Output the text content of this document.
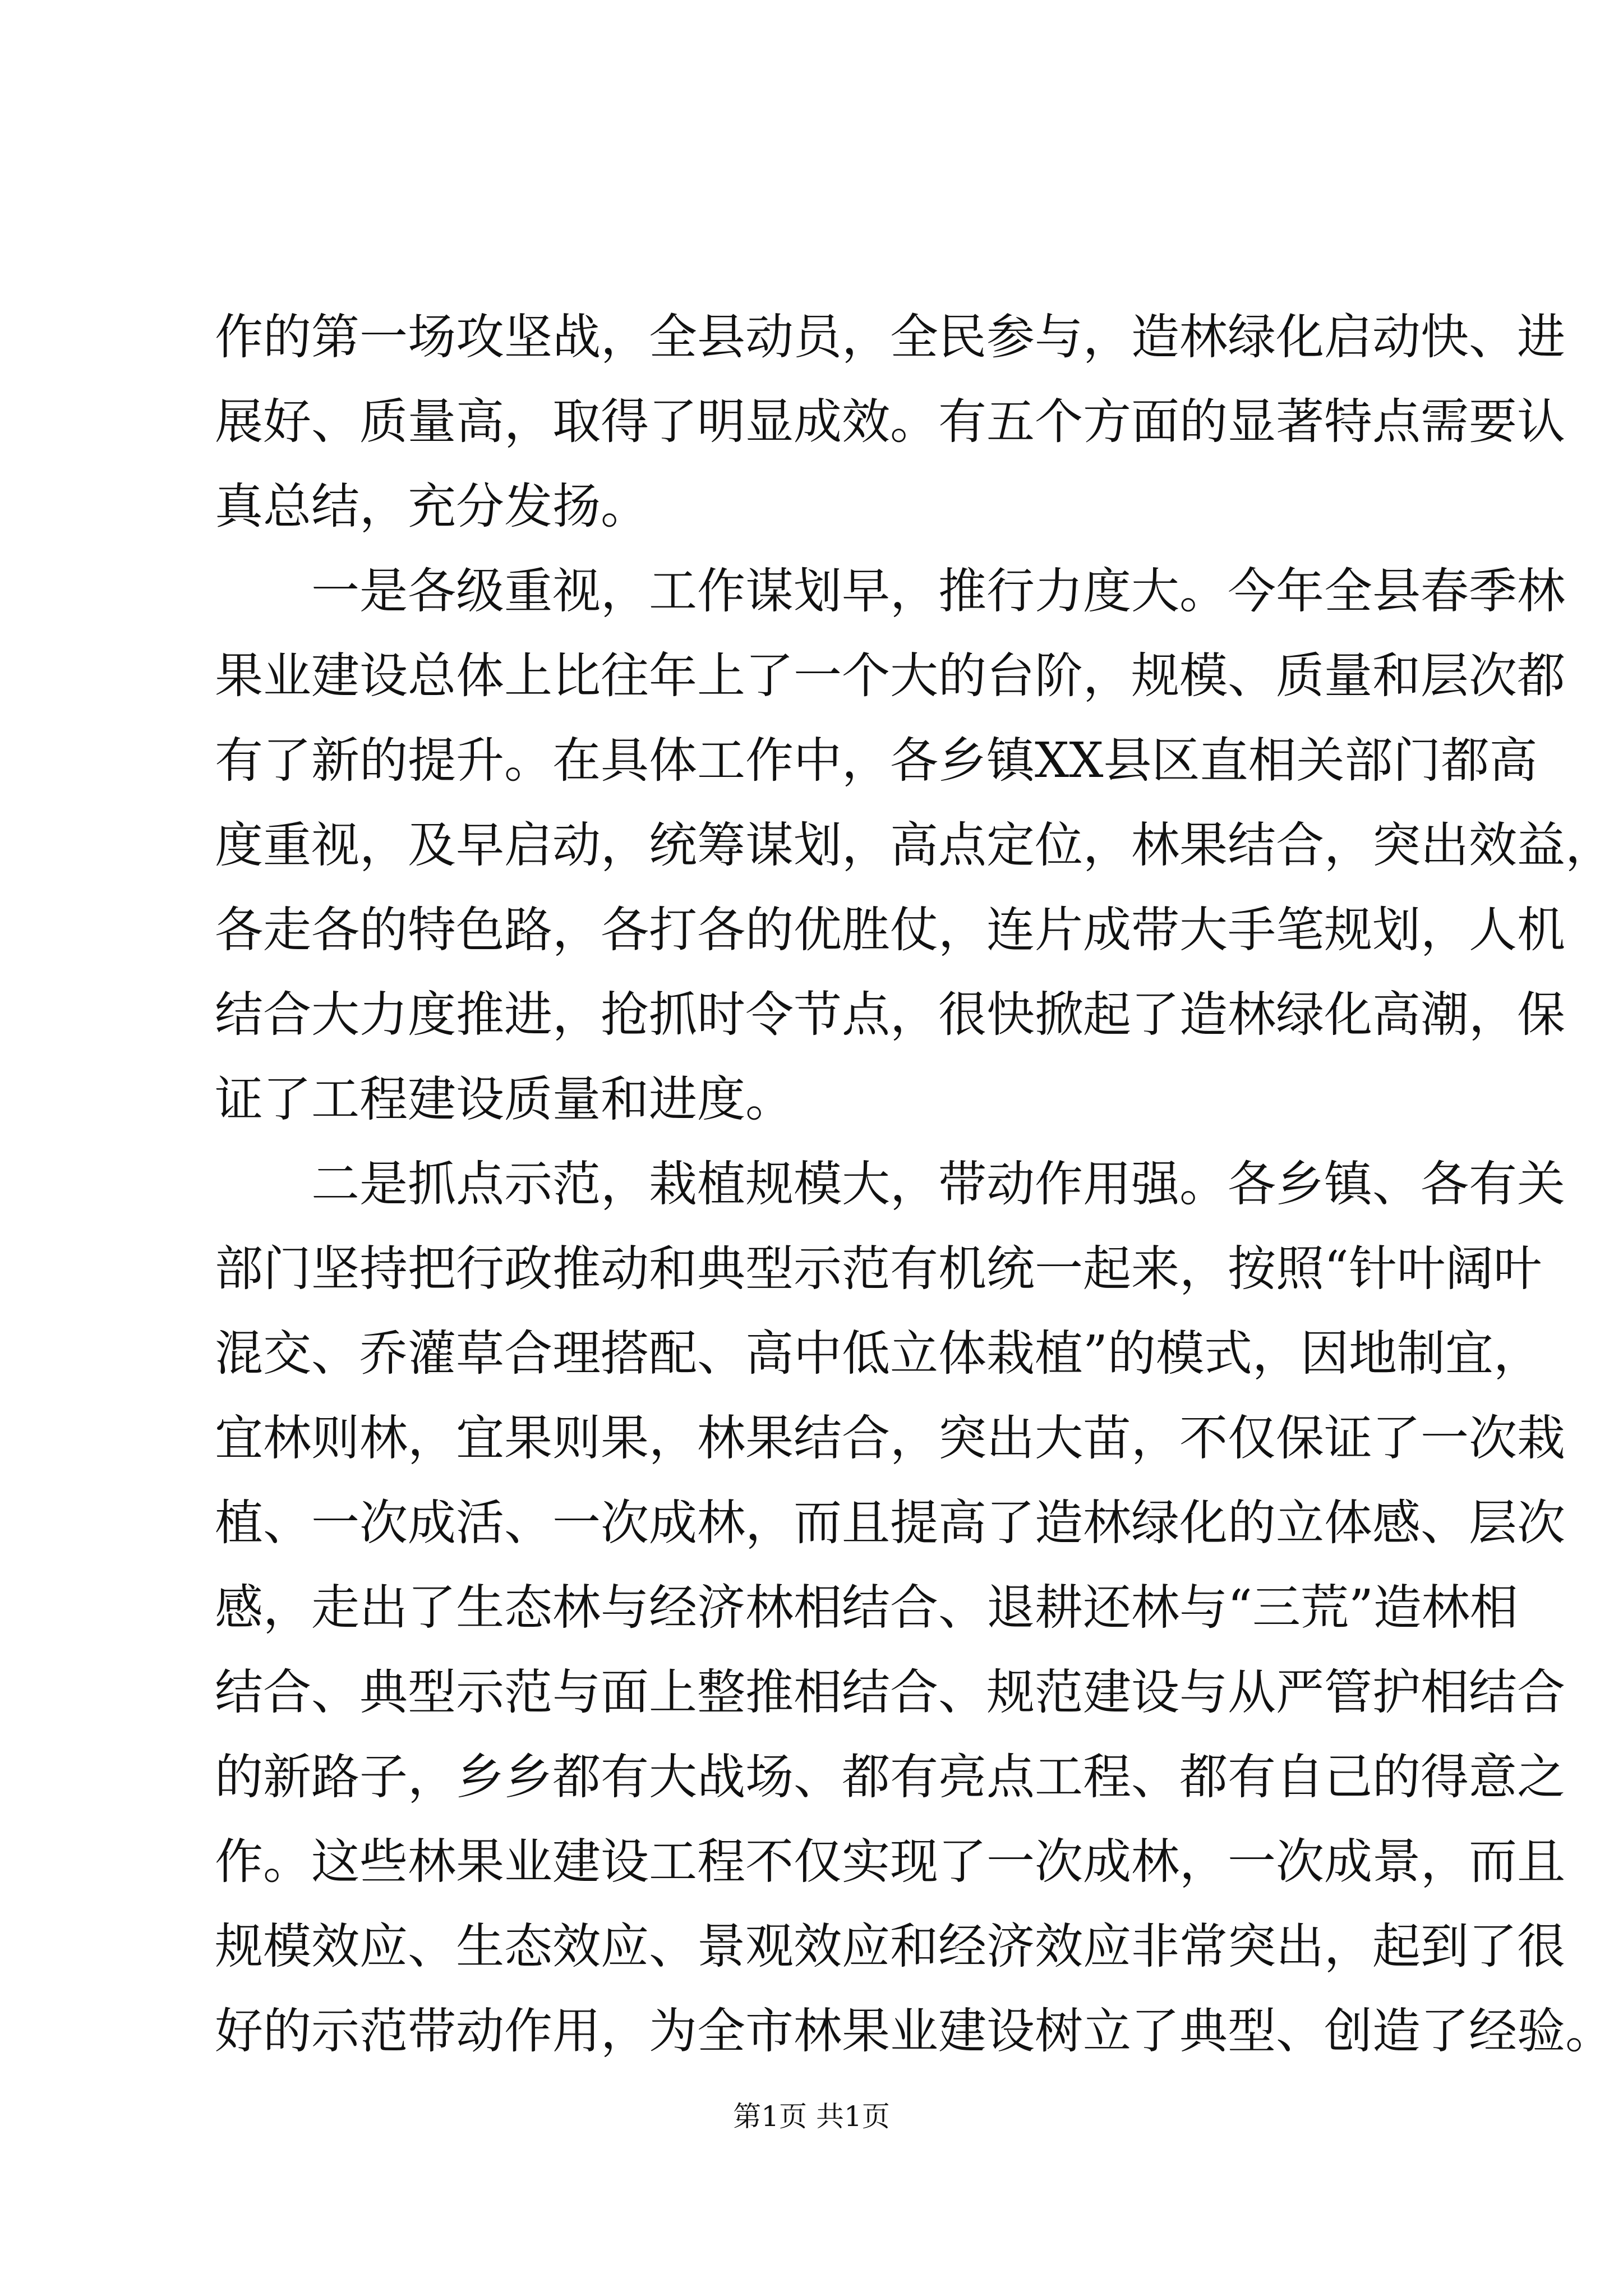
作的第一场攻坚战，全县动员，全民参与，造林绿化启动快、进
展好、质量高，取得了明显成效。有五个方面的显著特点需要认
真总结，充分发扬。
一是各级重视，工作谋划早，推行力度大。今年全县春季林
果业建设总体上比往年上了一个大的台阶，规模、质量和层次都
有了新的提升。在具体工作中，各乡镇XX县区直相关部门都高
度重视，及早启动，统筹谋划，高点定位，林果结合，突出效益，
各走各的特色路，各打各的优胜仗，连片成带大手笔规划，人机
结合大力度推进，抢抓时令节点，很快掀起了造林绿化高潮，保
证了工程建设质量和进度。
二是抓点示范，栽植规模大，带动作用强。各乡镇、各有关
部门坚持把行政推动和典型示范有机统一起来，按照“针叶阔叶
混交、乔灌草合理搭配、高中低立体栽植”的模式，因地制宜，
宜林则林，宜果则果，林果结合，突出大苗，不仅保证了一次栽
植、一次成活、一次成林，而且提高了造林绿化的立体感、层次
感，走出了生态林与经济林相结合、退耕还林与“三荒”造林相
结合、典型示范与面上整推相结合、规范建设与从严管护相结合
的新路子，乡乡都有大战场、都有亮点工程、都有自己的得意之
作。这些林果业建设工程不仅实现了一次成林，一次成景，而且
规模效应、生态效应、景观效应和经济效应非常突出，起到了很
好的示范带动作用，为全市林果业建设树立了典型、创造了经验。
第1页 共1页
